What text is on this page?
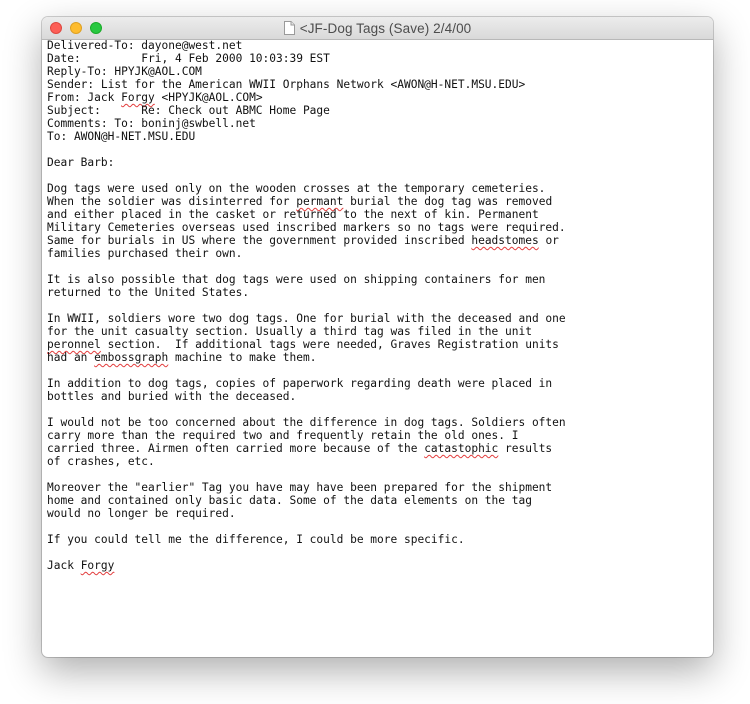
<JF-Dog Tags (Save) 2/4/00
Delivered-To: dayone@west.net
Date:         Fri, 4 Feb 2000 10:03:39 EST
Reply-To: HPYJK@AOL.COM
Sender: List for the American WWII Orphans Network <AWON@H-NET.MSU.EDU>
From: Jack Forgy <HPYJK@AOL.COM>
Subject:      Re: Check out ABMC Home Page
Comments: To: boninj@swbell.net
To: AWON@H-NET.MSU.EDU

Dear Barb:

Dog tags were used only on the wooden crosses at the temporary cemeteries.
When the soldier was disinterred for permant burial the dog tag was removed
and either placed in the casket or returned to the next of kin. Permanent
Military Cemeteries overseas used inscribed markers so no tags were required.
Same for burials in US where the government provided inscribed headstomes or
families purchased their own.

It is also possible that dog tags were used on shipping containers for men
returned to the United States.

In WWII, soldiers wore two dog tags. One for burial with the deceased and one
for the unit casualty section. Usually a third tag was filed in the unit
peronnel section.  If additional tags were needed, Graves Registration units
had an embossgraph machine to make them.

In addition to dog tags, copies of paperwork regarding death were placed in
bottles and buried with the deceased.

I would not be too concerned about the difference in dog tags. Soldiers often
carry more than the required two and frequently retain the old ones. I
carried three. Airmen often carried more because of the catastophic results
of crashes, etc.

Moreover the "earlier" Tag you have may have been prepared for the shipment
home and contained only basic data. Some of the data elements on the tag
would no longer be required.

If you could tell me the difference, I could be more specific.

Jack Forgy
